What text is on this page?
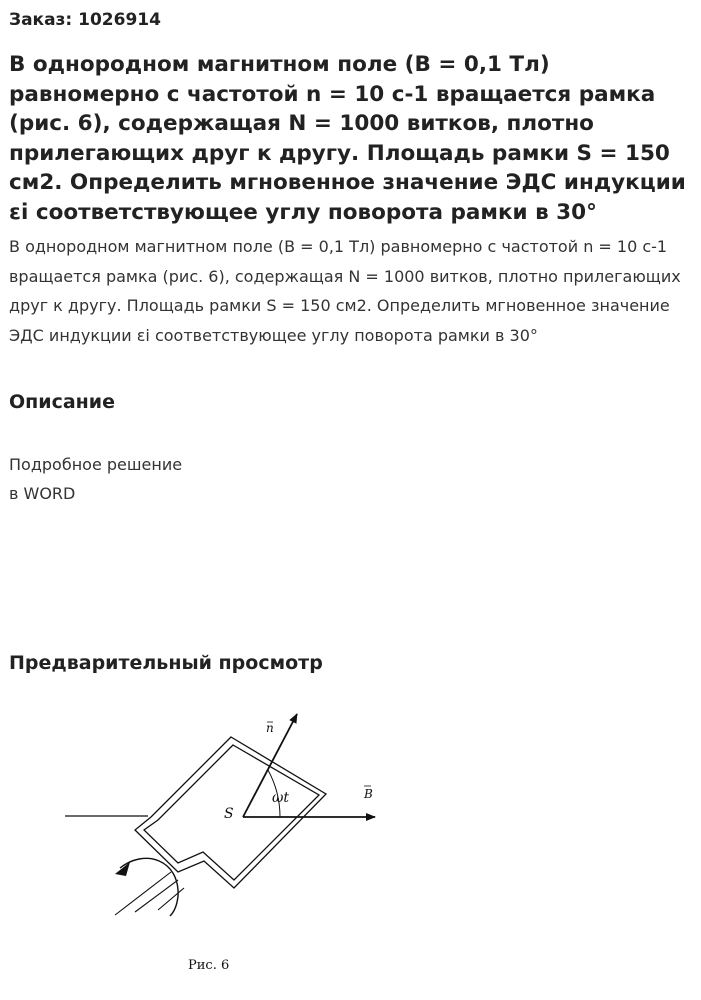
Заказ: 1026914
В однородном магнитном поле (B = 0,1 Тл) равномерно с частотой n = 10 c-1 вращается рамка (рис. 6), содержащая N = 1000 витков, плотно прилегающих друг к другу. Площадь рамки S = 150 см2. Определить мгновенное значение ЭДС индукции εi соответствующее углу поворота рамки в 30°

В однородном магнитном поле (B = 0,1 Тл) равномерно с частотой n = 10 c-1 вращается рамка (рис. 6), содержащая N = 1000 витков, плотно прилегающих друг к другу. Площадь рамки S = 150 см2. Определить мгновенное значение ЭДС индукции εi соответствующее углу поворота рамки в 30°

Описание
Подробное решение
в WORD
Предварительный просмотр
n
B
S
ωt
Рис. 6
